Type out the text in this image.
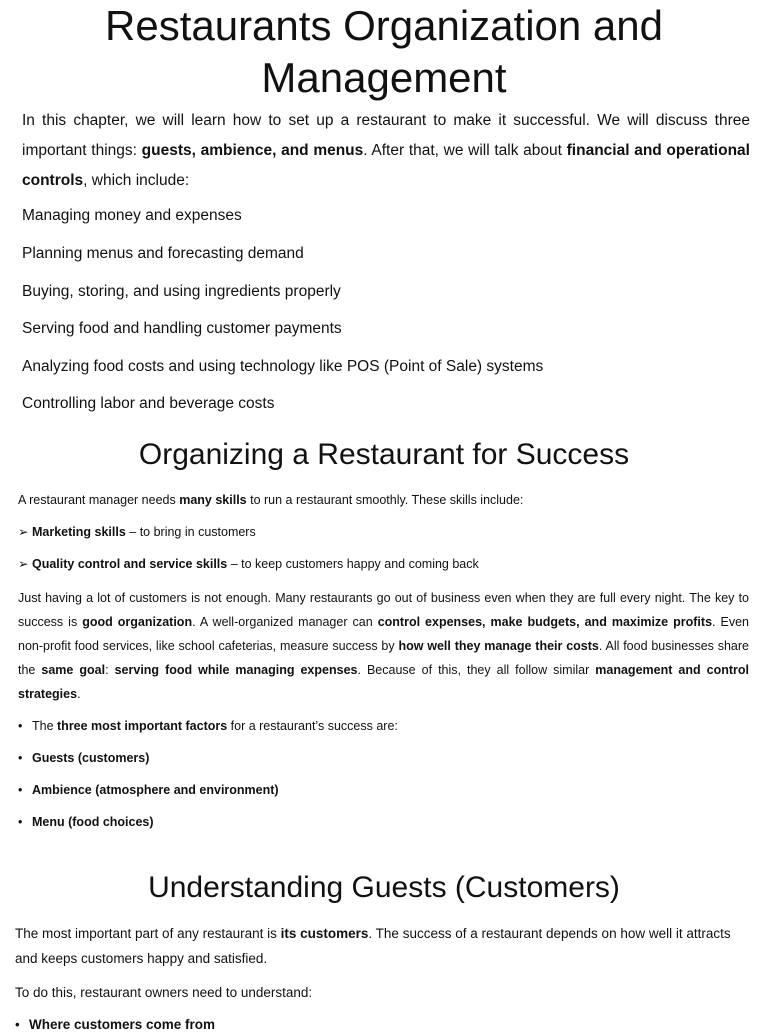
Restaurants Organization and Management

In this chapter, we will learn how to set up a restaurant to make it successful. We will discuss three important things: guests, ambience, and menus. After that, we will talk about financial and operational controls, which include:

Managing money and expenses
Planning menus and forecasting demand
Buying, storing, and using ingredients properly
Serving food and handling customer payments
Analyzing food costs and using technology like POS (Point of Sale) systems
Controlling labor and beverage costs
Organizing a Restaurant for Success

A restaurant manager needs many skills to run a restaurant smoothly. These skills include:

➢ Marketing skills – to bring in customers
➢ Quality control and service skills – to keep customers happy and coming back

Just having a lot of customers is not enough. Many restaurants go out of business even when they are full every night. The key to success is good organization. A well-organized manager can control expenses, make budgets, and maximize profits. Even non-profit food services, like school cafeterias, measure success by how well they manage their costs. All food businesses share the same goal: serving food while managing expenses. Because of this, they all follow similar management and control strategies.

• The three most important factors for a restaurant’s success are:
• Guests (customers)
• Ambience (atmosphere and environment)
• Menu (food choices)
Understanding Guests (Customers)

The most important part of any restaurant is its customers. The success of a restaurant depends on how well it attracts and keeps customers happy and satisfied.

To do this, restaurant owners need to understand:

• Where customers come from
